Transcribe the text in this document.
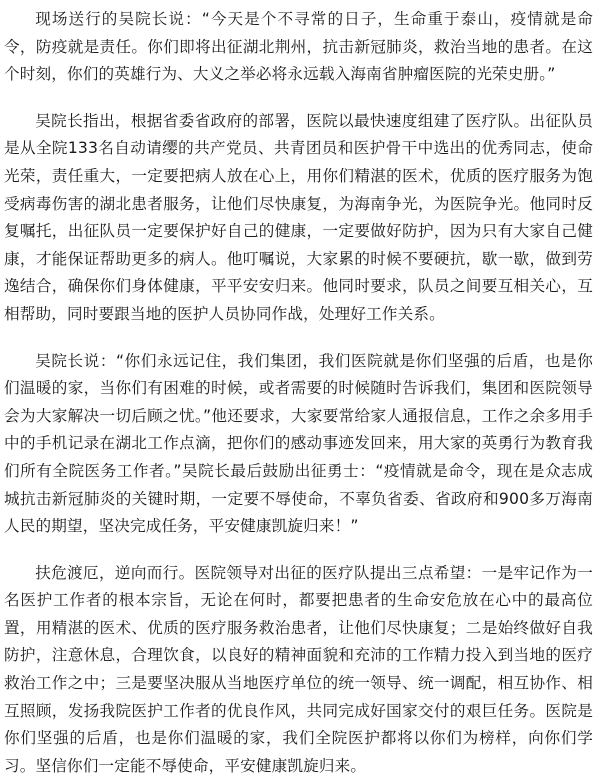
现场送行的吴院长说：“今天是个不寻常的日子，生命重于泰山，疫情就是命令，防疫就是责任。你们即将出征湖北荆州，抗击新冠肺炎，救治当地的患者。在这个时刻，你们的英雄行为、大义之举必将永远载入海南省肿瘤医院的光荣史册。”

吴院长指出，根据省委省政府的部署，医院以最快速度组建了医疗队。出征队员是从全院133名自动请缨的共产党员、共青团员和医护骨干中选出的优秀同志，使命光荣，责任重大，一定要把病人放在心上，用你们精湛的医术，优质的医疗服务为饱受病毒伤害的湖北患者服务，让他们尽快康复，为海南争光，为医院争光。他同时反复嘱托，出征队员一定要保护好自己的健康，一定要做好防护，因为只有大家自己健康，才能保证帮助更多的病人。他叮嘱说，大家累的时候不要硬抗，歇一歇，做到劳逸结合，确保你们身体健康，平平安安归来。他同时要求，队员之间要互相关心，互相帮助，同时要跟当地的医护人员协同作战，处理好工作关系。

吴院长说：“你们永远记住，我们集团，我们医院就是你们坚强的后盾，也是你们温暖的家，当你们有困难的时候，或者需要的时候随时告诉我们，集团和医院领导会为大家解决一切后顾之忧。”他还要求，大家要常给家人通报信息，工作之余多用手中的手机记录在湖北工作点滴，把你们的感动事迹发回来，用大家的英勇行为教育我们所有全院医务工作者。”吴院长最后鼓励出征勇士：“疫情就是命令，现在是众志成城抗击新冠肺炎的关键时期，一定要不辱使命，不辜负省委、省政府和900多万海南人民的期望，坚决完成任务，平安健康凯旋归来！”

扶危渡厄，逆向而行。医院领导对出征的医疗队提出三点希望：一是牢记作为一名医护工作者的根本宗旨，无论在何时，都要把患者的生命安危放在心中的最高位置，用精湛的医术、优质的医疗服务救治患者，让他们尽快康复；二是始终做好自我防护，注意休息，合理饮食，以良好的精神面貌和充沛的工作精力投入到当地的医疗救治工作之中；三是要坚决服从当地医疗单位的统一领导、统一调配，相互协作、相互照顾，发扬我院医护工作者的优良作风，共同完成好国家交付的艰巨任务。医院是你们坚强的后盾，也是你们温暖的家，我们全院医护都将以你们为榜样，向你们学习。坚信你们一定能不辱使命，平安健康凯旋归来。
